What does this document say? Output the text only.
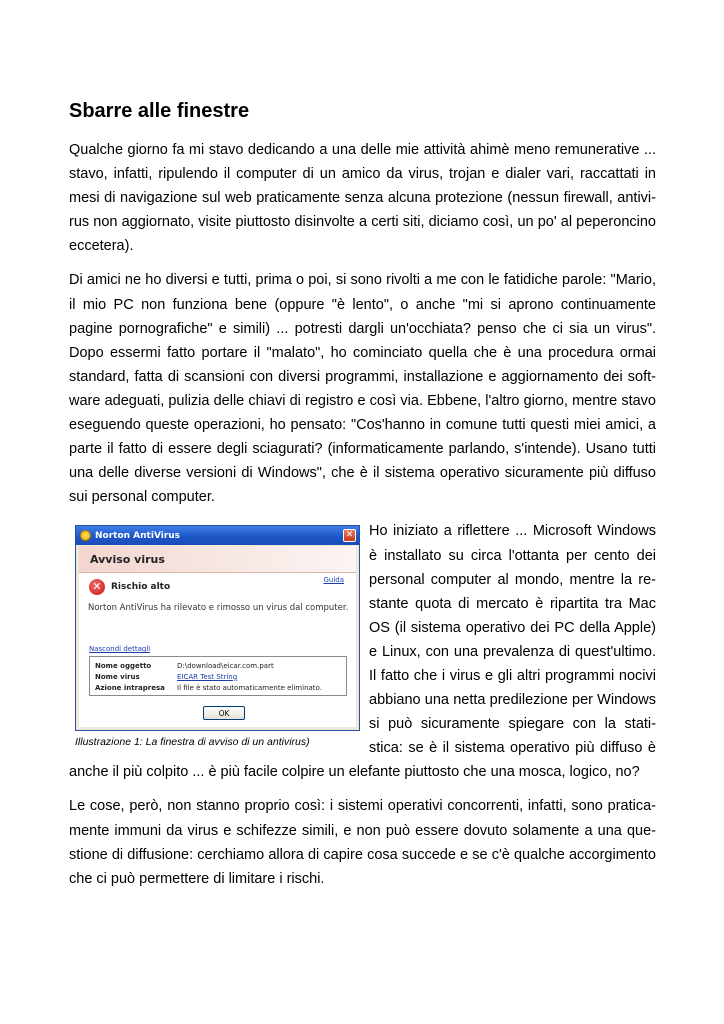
Sbarre alle finestre

Qualche giorno fa mi stavo dedicando a una delle mie attività ahimè meno remunerative ... stavo, infatti, ripulendo il computer di un amico da virus, trojan e dialer vari, raccattati in mesi di navigazione sul web praticamente senza alcuna protezione (nessun firewall, antivirus non aggiornato, visite piuttosto disinvolte a certi siti, diciamo così, un po' al peperoncino eccetera).

Di amici ne ho diversi e tutti, prima o poi, si sono rivolti a me con le fatidiche parole: "Mario, il mio PC non funziona bene (oppure "è lento", o anche "mi si aprono continuamente pagine pornografiche" e simili) ... potresti dargli un'occhiata? penso che ci sia un virus". Dopo essermi fatto portare il "malato", ho cominciato quella che è una procedura ormai standard, fatta di scansioni con diversi programmi, installazione e aggiornamento dei software adeguati, pulizia delle chiavi di registro e così via. Ebbene, l'altro giorno, mentre stavo eseguendo queste operazioni, ho pensato: "Cos'hanno in comune tutti questi miei amici, a parte il fatto di essere degli sciagurati? (informaticamente parlando, s'intende). Usano tutti una delle diverse versioni di Windows", che è il sistema operativo sicuramente più diffuso sui personal computer.

Norton AntiVirus	✕
Avviso virus
✕	Rischio alto
Guida
Norton AntiVirus ha rilevato e rimosso un virus dal computer.
Nascondi dettagli
Nome oggetto	D:\download\eicar.com.part
Nome virus	EICAR Test String
Azione intrapresa	Il file è stato automaticamente eliminato.
OK
Illustrazione 1: La finestra di avviso di un antivirus)

Ho iniziato a riflettere ... Microsoft Windows è installato su circa l'ottanta per cento dei personal computer al mondo, mentre la restante quota di mercato è ripartita tra Mac OS (il sistema operativo dei PC della Apple) e Linux, con una prevalenza di quest'ultimo. Il fatto che i virus e gli altri programmi nocivi abbiano una netta predilezione per Windows si può sicuramente spiegare con la statistica: se è il sistema operativo più diffuso è anche il più colpito ... è più facile colpire un elefante piuttosto che una mosca, logico, no?

Le cose, però, non stanno proprio così: i sistemi operativi concorrenti, infatti, sono praticamente immuni da virus e schifezze simili, e non può essere dovuto solamente a una questione di diffusione: cerchiamo allora di capire cosa succede e se c'è qualche accorgimento che ci può permettere di limitare i rischi.
